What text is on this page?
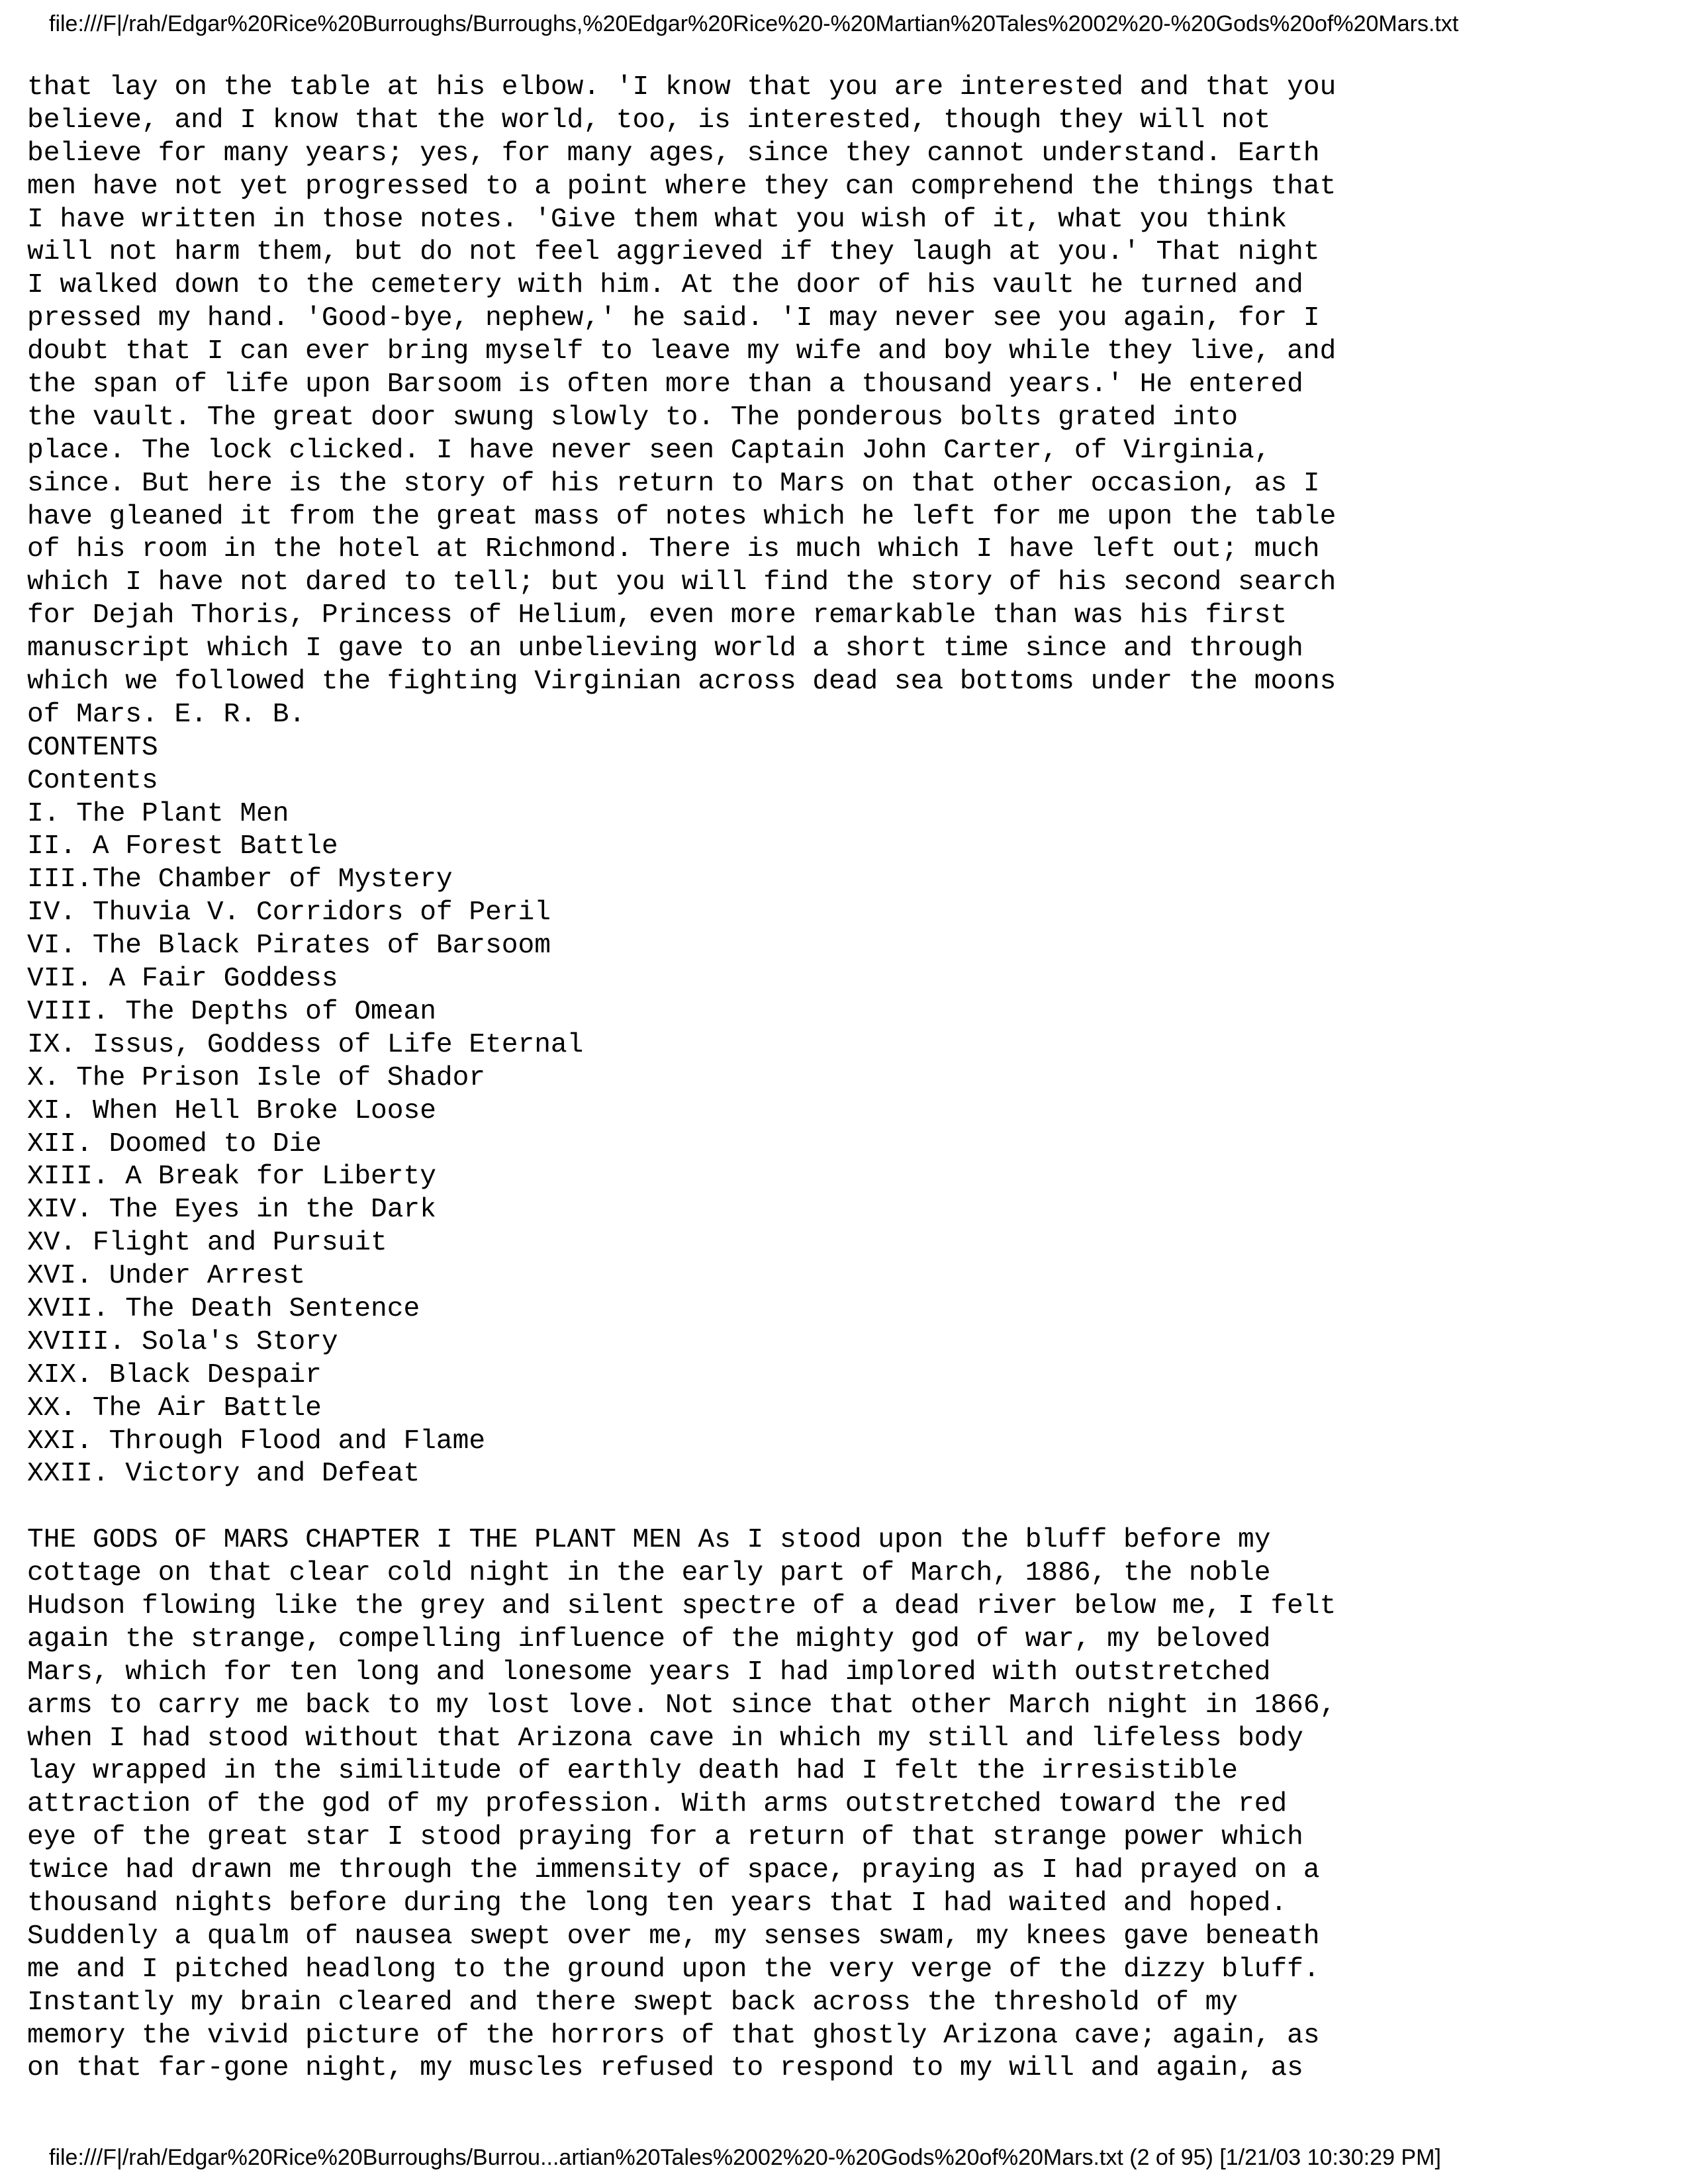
file:///F|/rah/Edgar%20Rice%20Burroughs/Burroughs,%20Edgar%20Rice%20-%20Martian%20Tales%2002%20-%20Gods%20of%20Mars.txt
that lay on the table at his elbow. 'I know that you are interested and that you
believe, and I know that the world, too, is interested, though they will not
believe for many years; yes, for many ages, since they cannot understand. Earth
men have not yet progressed to a point where they can comprehend the things that
I have written in those notes. 'Give them what you wish of it, what you think
will not harm them, but do not feel aggrieved if they laugh at you.' That night
I walked down to the cemetery with him. At the door of his vault he turned and
pressed my hand. 'Good-bye, nephew,' he said. 'I may never see you again, for I
doubt that I can ever bring myself to leave my wife and boy while they live, and
the span of life upon Barsoom is often more than a thousand years.' He entered
the vault. The great door swung slowly to. The ponderous bolts grated into
place. The lock clicked. I have never seen Captain John Carter, of Virginia,
since. But here is the story of his return to Mars on that other occasion, as I
have gleaned it from the great mass of notes which he left for me upon the table
of his room in the hotel at Richmond. There is much which I have left out; much
which I have not dared to tell; but you will find the story of his second search
for Dejah Thoris, Princess of Helium, even more remarkable than was his first
manuscript which I gave to an unbelieving world a short time since and through
which we followed the fighting Virginian across dead sea bottoms under the moons
of Mars. E. R. B.
CONTENTS
Contents
I. The Plant Men
II. A Forest Battle
III.The Chamber of Mystery
IV. Thuvia V. Corridors of Peril
VI. The Black Pirates of Barsoom
VII. A Fair Goddess
VIII. The Depths of Omean
IX. Issus, Goddess of Life Eternal
X. The Prison Isle of Shador
XI. When Hell Broke Loose
XII. Doomed to Die
XIII. A Break for Liberty
XIV. The Eyes in the Dark
XV. Flight and Pursuit
XVI. Under Arrest
XVII. The Death Sentence
XVIII. Sola's Story
XIX. Black Despair
XX. The Air Battle
XXI. Through Flood and Flame
XXII. Victory and Defeat
THE GODS OF MARS CHAPTER I THE PLANT MEN As I stood upon the bluff before my
cottage on that clear cold night in the early part of March, 1886, the noble
Hudson flowing like the grey and silent spectre of a dead river below me, I felt
again the strange, compelling influence of the mighty god of war, my beloved
Mars, which for ten long and lonesome years I had implored with outstretched
arms to carry me back to my lost love. Not since that other March night in 1866,
when I had stood without that Arizona cave in which my still and lifeless body
lay wrapped in the similitude of earthly death had I felt the irresistible
attraction of the god of my profession. With arms outstretched toward the red
eye of the great star I stood praying for a return of that strange power which
twice had drawn me through the immensity of space, praying as I had prayed on a
thousand nights before during the long ten years that I had waited and hoped.
Suddenly a qualm of nausea swept over me, my senses swam, my knees gave beneath
me and I pitched headlong to the ground upon the very verge of the dizzy bluff.
Instantly my brain cleared and there swept back across the threshold of my
memory the vivid picture of the horrors of that ghostly Arizona cave; again, as
on that far-gone night, my muscles refused to respond to my will and again, as
file:///F|/rah/Edgar%20Rice%20Burroughs/Burrou...artian%20Tales%2002%20-%20Gods%20of%20Mars.txt (2 of 95) [1/21/03 10:30:29 PM]
